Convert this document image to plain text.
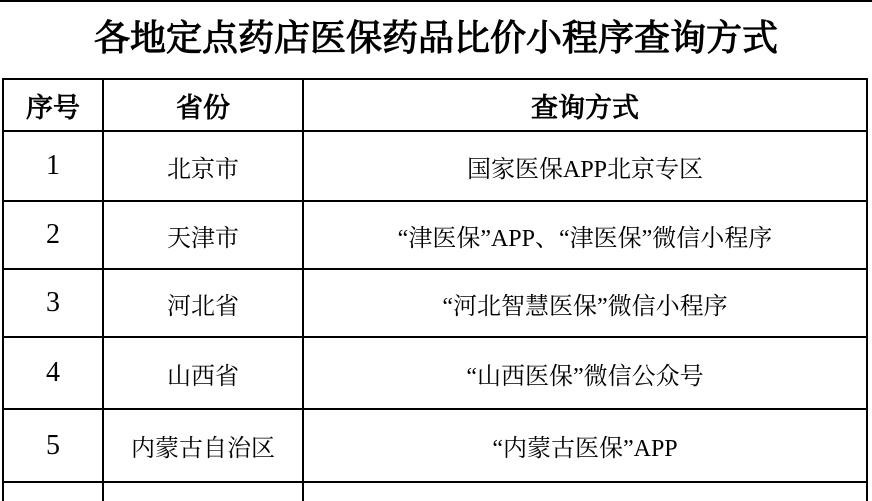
各地定点药店医保药品比价小程序查询方式
序号	省份	查询方式
1	北京市	国家医保APP北京专区
2	天津市	“津医保”APP、“津医保”微信小程序
3	河北省	“河北智慧医保”微信小程序
4	山西省	“山西医保”微信公众号
5	内蒙古自治区	“内蒙古医保”APP
